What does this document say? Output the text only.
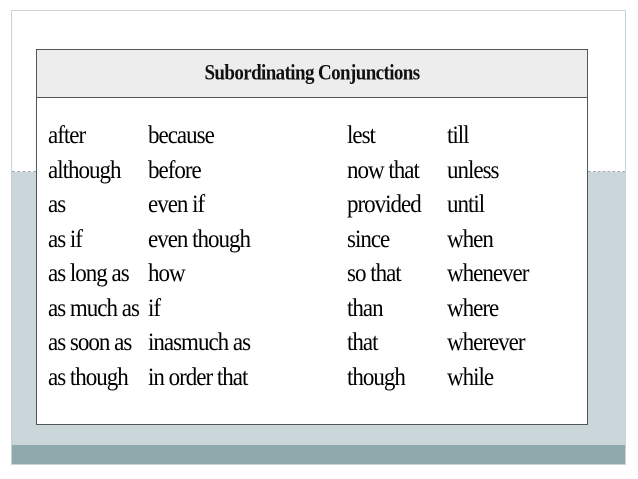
Subordinating Conjunctions
after
although
as
as if
as long as
as much as
as soon as
as though
because
before
even if
even though
how
if
inasmuch as
in order that
lest
now that
provided
since
so that
than
that
though
till
unless
until
when
whenever
where
wherever
while
